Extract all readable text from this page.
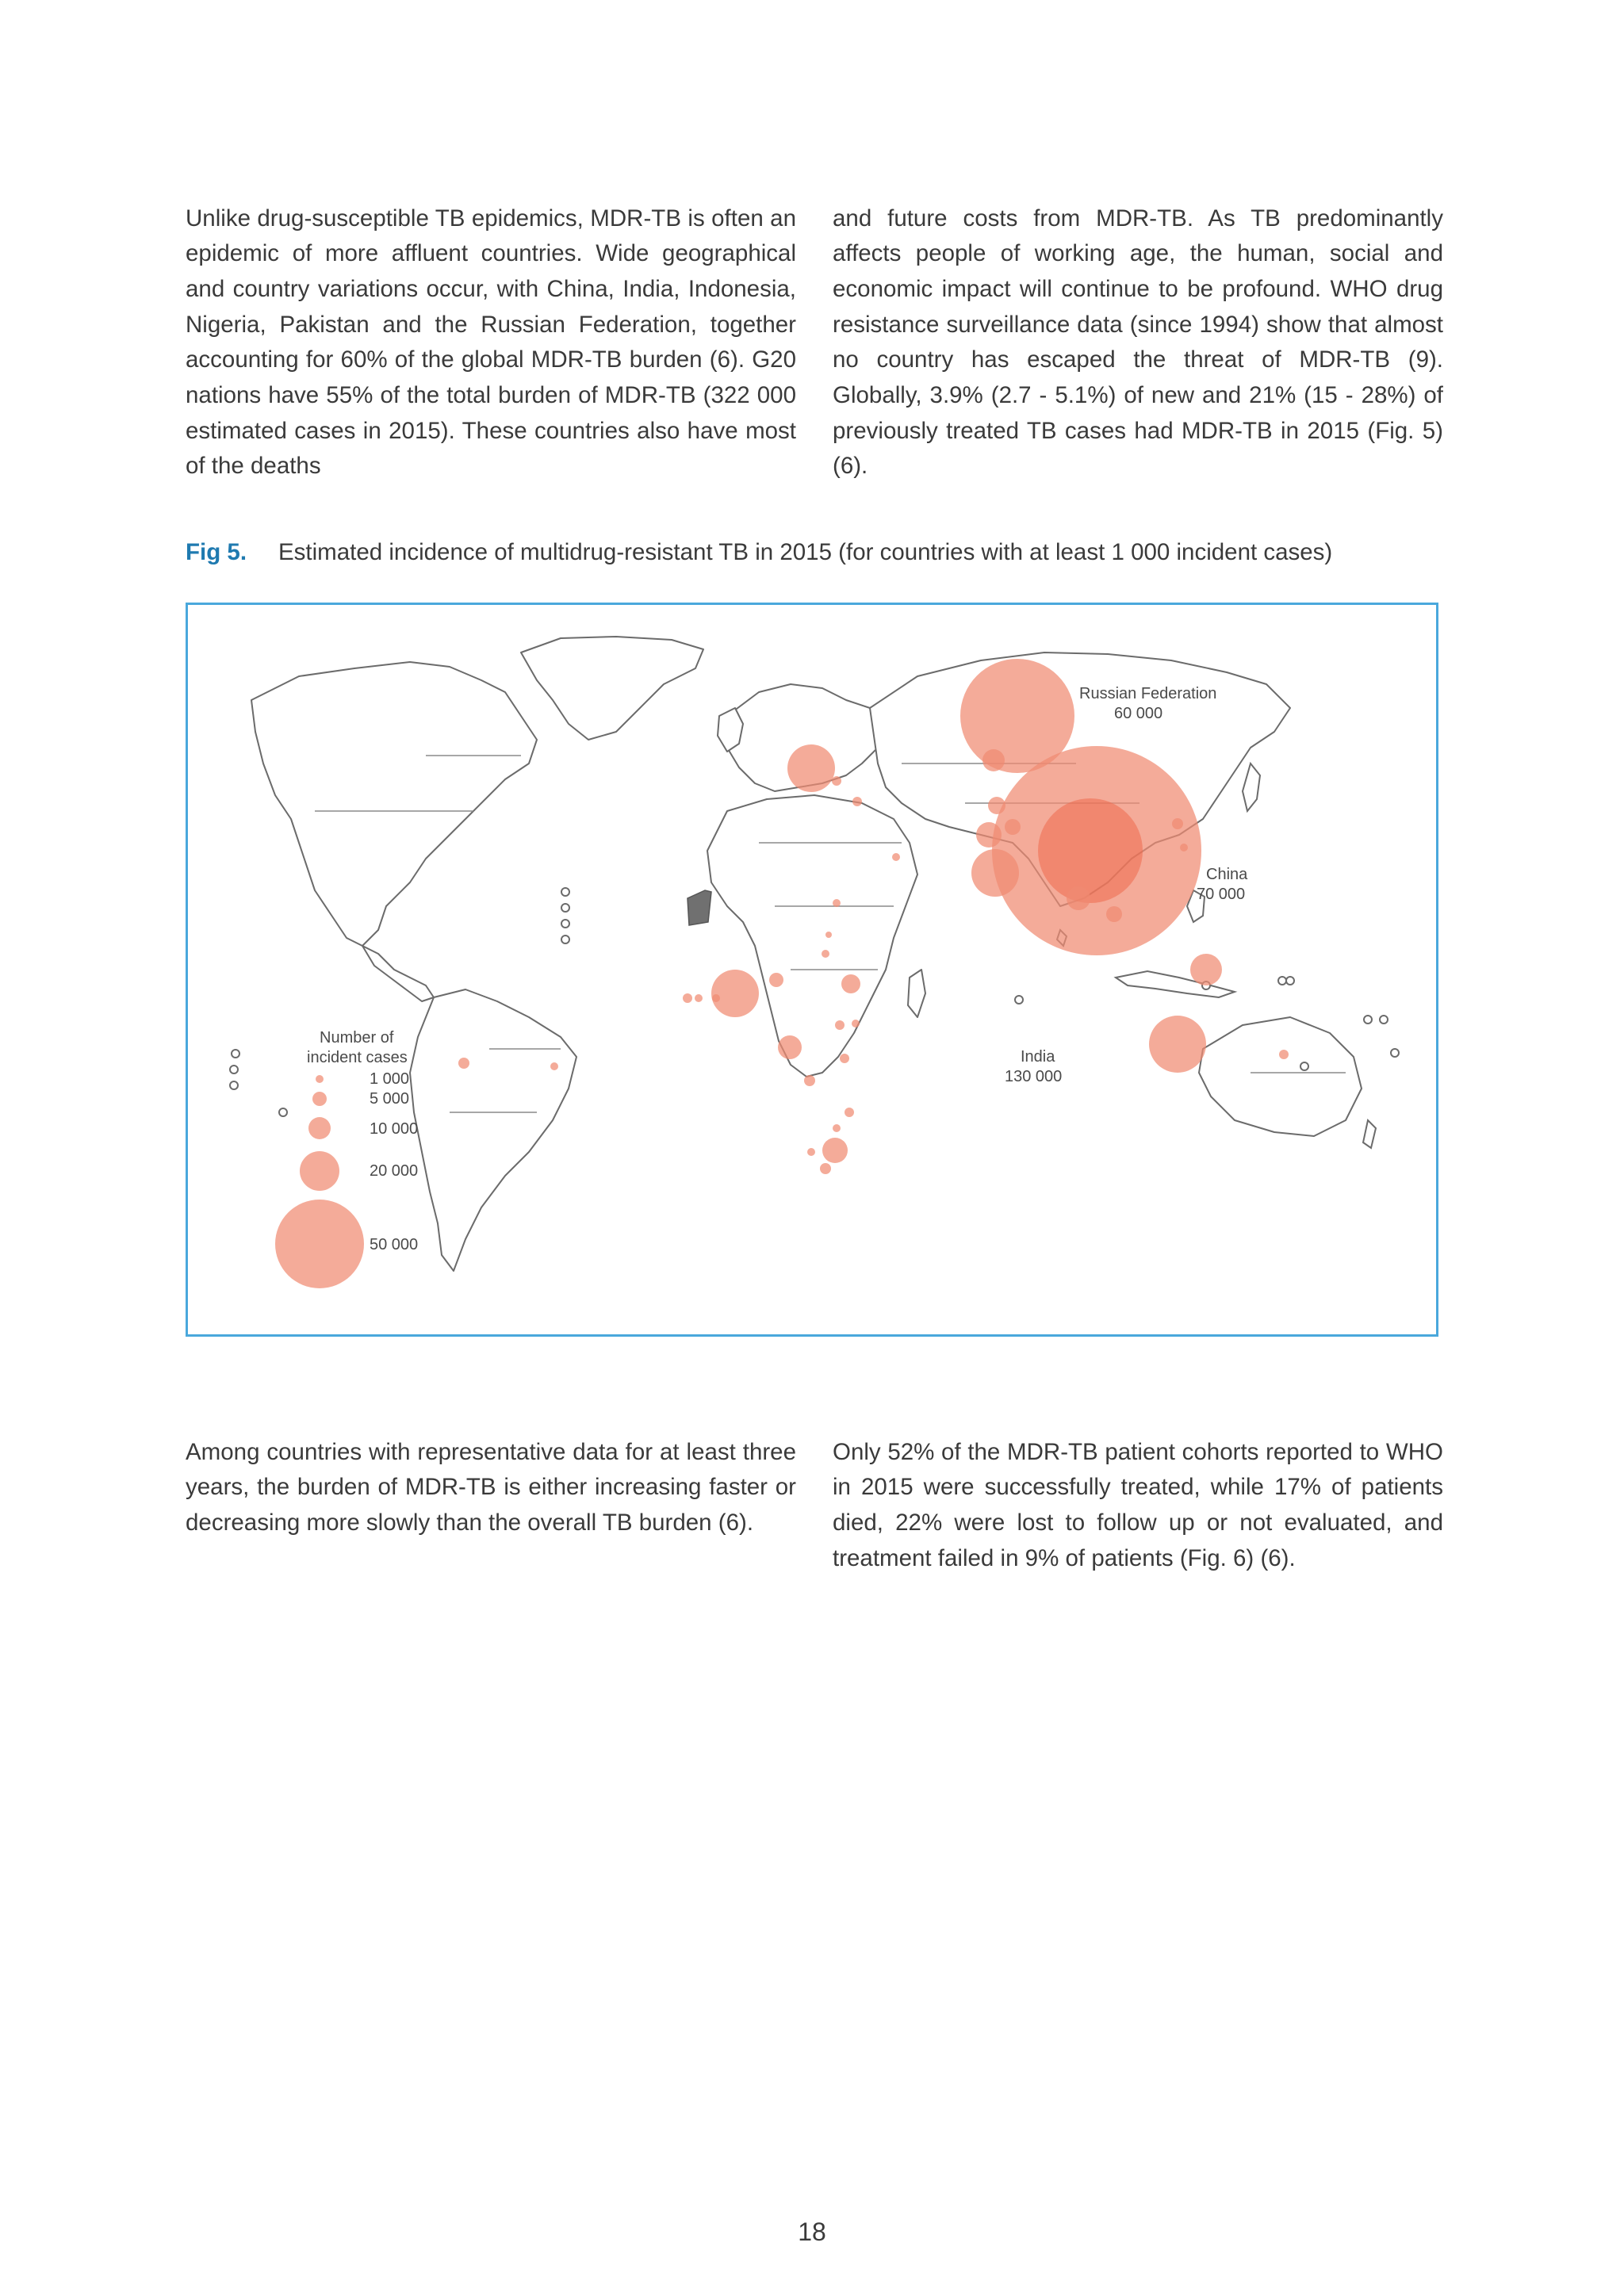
Unlike drug-susceptible TB epidemics, MDR-TB is often an epidemic of more affluent countries. Wide geographical and country variations occur, with China, India, Indonesia, Nigeria, Pakistan and the Russian Federation, together accounting for 60% of the global MDR-TB burden (6). G20 nations have 55% of the total burden of MDR-TB (322 000 estimated cases in 2015). These countries also have most of the deaths

and future costs from MDR-TB. As TB predominantly affects people of working age, the human, social and economic impact will continue to be profound. WHO drug resistance surveillance data (since 1994) show that almost no country has escaped the threat of MDR-TB (9). Globally, 3.9% (2.7 - 5.1%) of new and 21% (15 - 28%) of previously treated TB cases had MDR-TB in 2015 (Fig. 5) (6).

Fig 5. Estimated incidence of multidrug-resistant TB in 2015 (for countries with at least 1 000 incident cases)
Russian Federation
60 000
China
70 000
India
130 000
Number of
incident cases
1 000
5 000
10 000
20 000
50 000

Among countries with representative data for at least three years, the burden of MDR-TB is either increasing faster or decreasing more slowly than the overall TB burden (6).

Only 52% of the MDR-TB patient cohorts reported to WHO in 2015 were successfully treated, while 17% of patients died, 22% were lost to follow up or not evaluated, and treatment failed in 9% of patients (Fig. 6) (6).

18
